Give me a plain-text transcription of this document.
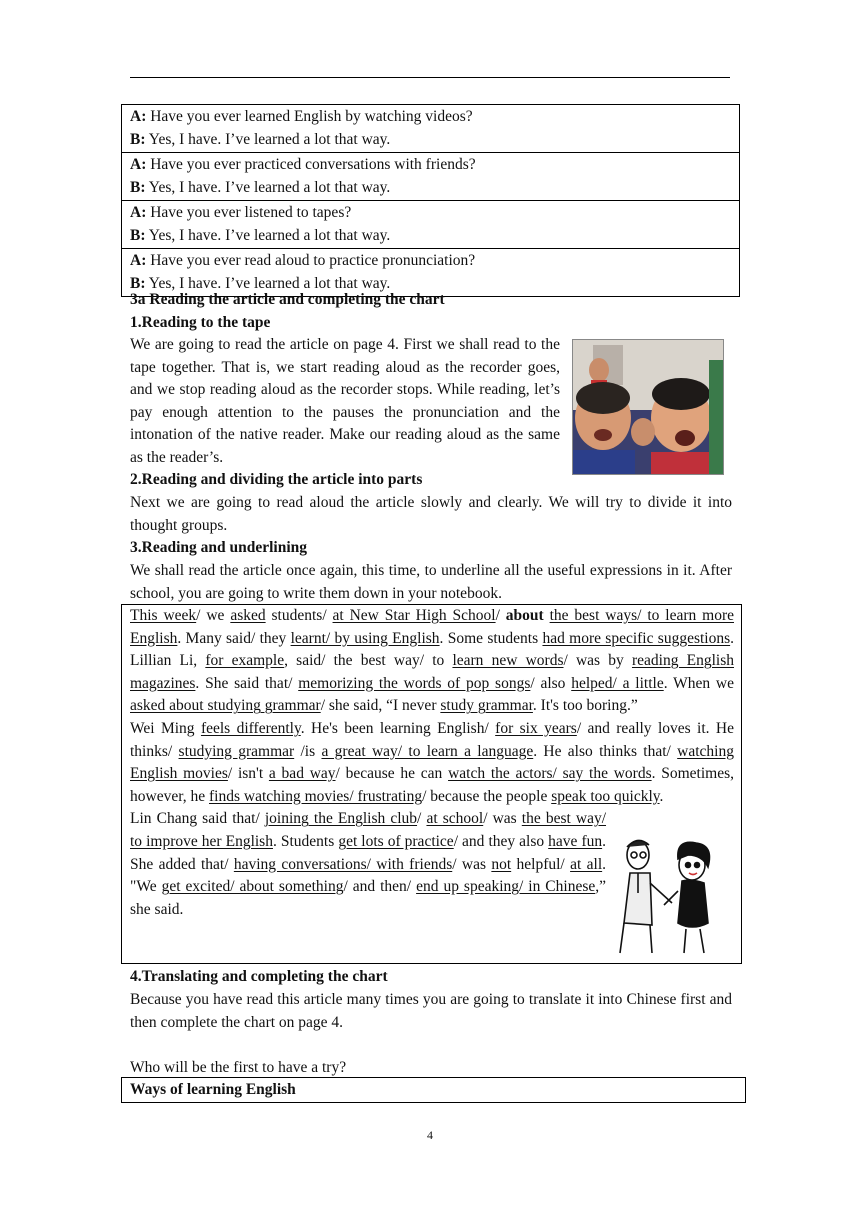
A: Have you ever learned English by watching videos?
B: Yes, I have. I’ve learned a lot that way.
A: Have you ever practiced conversations with friends?
B: Yes, I have. I’ve learned a lot that way.
A: Have you ever listened to tapes?
B: Yes, I have. I’ve learned a lot that way.
A: Have you ever read aloud to practice pronunciation?
B: Yes, I have. I’ve learned a lot that way.
3a Reading the article and completing the chart
1.Reading to the tape
We are going to read the article on page 4. First we shall read to the tape together. That is, we start reading aloud as the recorder goes, and we stop reading aloud as the recorder stops. While reading, let’s pay enough attention to the pauses the pronunciation and the intonation of the native reader. Make our reading aloud as the same as the reader’s.
2.Reading and dividing the article into parts
Next we are going to read aloud the article slowly and clearly. We will try to divide it into thought groups.
3.Reading and underlining
We shall read the article once again, this time, to underline all the useful expressions in it. After school, you are going to write them down in your notebook.
This week/ we asked students/ at New Star High School/ about the best ways/ to learn more English. Many said/ they learnt/ by using English. Some students had more specific suggestions. Lillian Li, for example, said/ the best way/ to learn new words/ was by reading English magazines. She said that/ memorizing the words of pop songs/ also helped/ a little. When we asked about studying grammar/ she said, “I never study grammar. It's too boring.”
Wei Ming feels differently. He's been learning English/ for six years/ and really loves it. He thinks/ studying grammar /is a great way/ to learn a language. He also thinks that/ watching English movies/ isn't a bad way/ because he can watch the actors/ say the words. Sometimes, however, he finds watching movies/ frustrating/ because the people speak too quickly.
Lin Chang said that/ joining the English club/ at school/ was the best way/ to improve her English. Students get lots of practice/ and they also have fun. She added that/ having conversations/ with friends/ was not helpful/ at all. "We get excited/ about something/ and then/ end up speaking/ in Chinese,” she said.
4.Translating and completing the chart
Because you have read this article many times you are going to translate it into Chinese first and then complete the chart on page 4.
Who will be the first to have a try?
Ways of learning English
4
